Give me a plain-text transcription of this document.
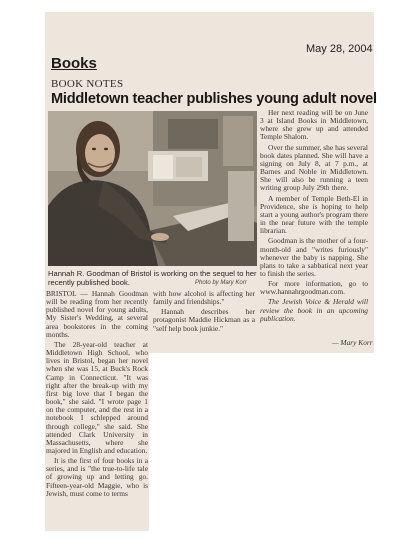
May 28, 2004
Books
BOOK NOTES
Middletown teacher publishes young adult novel
Hannah R. Goodman of Bristol is working on the sequel to her recently published book.	Photo by Mary Korr

BRISTOL — Hannah Goodman will be reading from her recently published novel for young adults, My Sister's Wedding, at several area bookstores in the coming months.

The 28-year-old teacher at Middletown High School, who lives in Bristol, began her novel when she was 15, at Buck's Rock Camp in Connecticut. "It was right after the break-up with my first big love that I began the book," she said. "I wrote page 1 on the computer, and the rest in a notebook I schlepped around through college," she said. She attended Clark University in Massachusetts, where she majored in English and education.

It is the first of four books in a series, and is "the true-to-life tale of growing up and letting go. Fifteen-year-old Maggie, who is Jewish, must come to terms

with how alcohol is affecting her family and friendships."

Hannah describes her protagonist Maddie Hickman as a "self help book junkie."

Her next reading will be on June 3 at Island Books in Middletown, where she grew up and attended Temple Shalom.

Over the summer, she has several book dates planned. She will have a signing on July 8, at 7 p.m., at Barnes and Noble in Middletown. She will also be running a teen writing group July 29th there.

A member of Temple Beth-El in Providence, she is hoping to help start a young author's program there in the near future with the temple librarian.

Goodman is the mother of a four-month-old and "writes furiously" whenever the baby is napping. She plans to take a sabbatical next year to finish the series.

For more information, go to www.hannahrgoodman.com.

The Jewish Voice & Herald will review the book in an upcoming publication.

— Mary Korr
